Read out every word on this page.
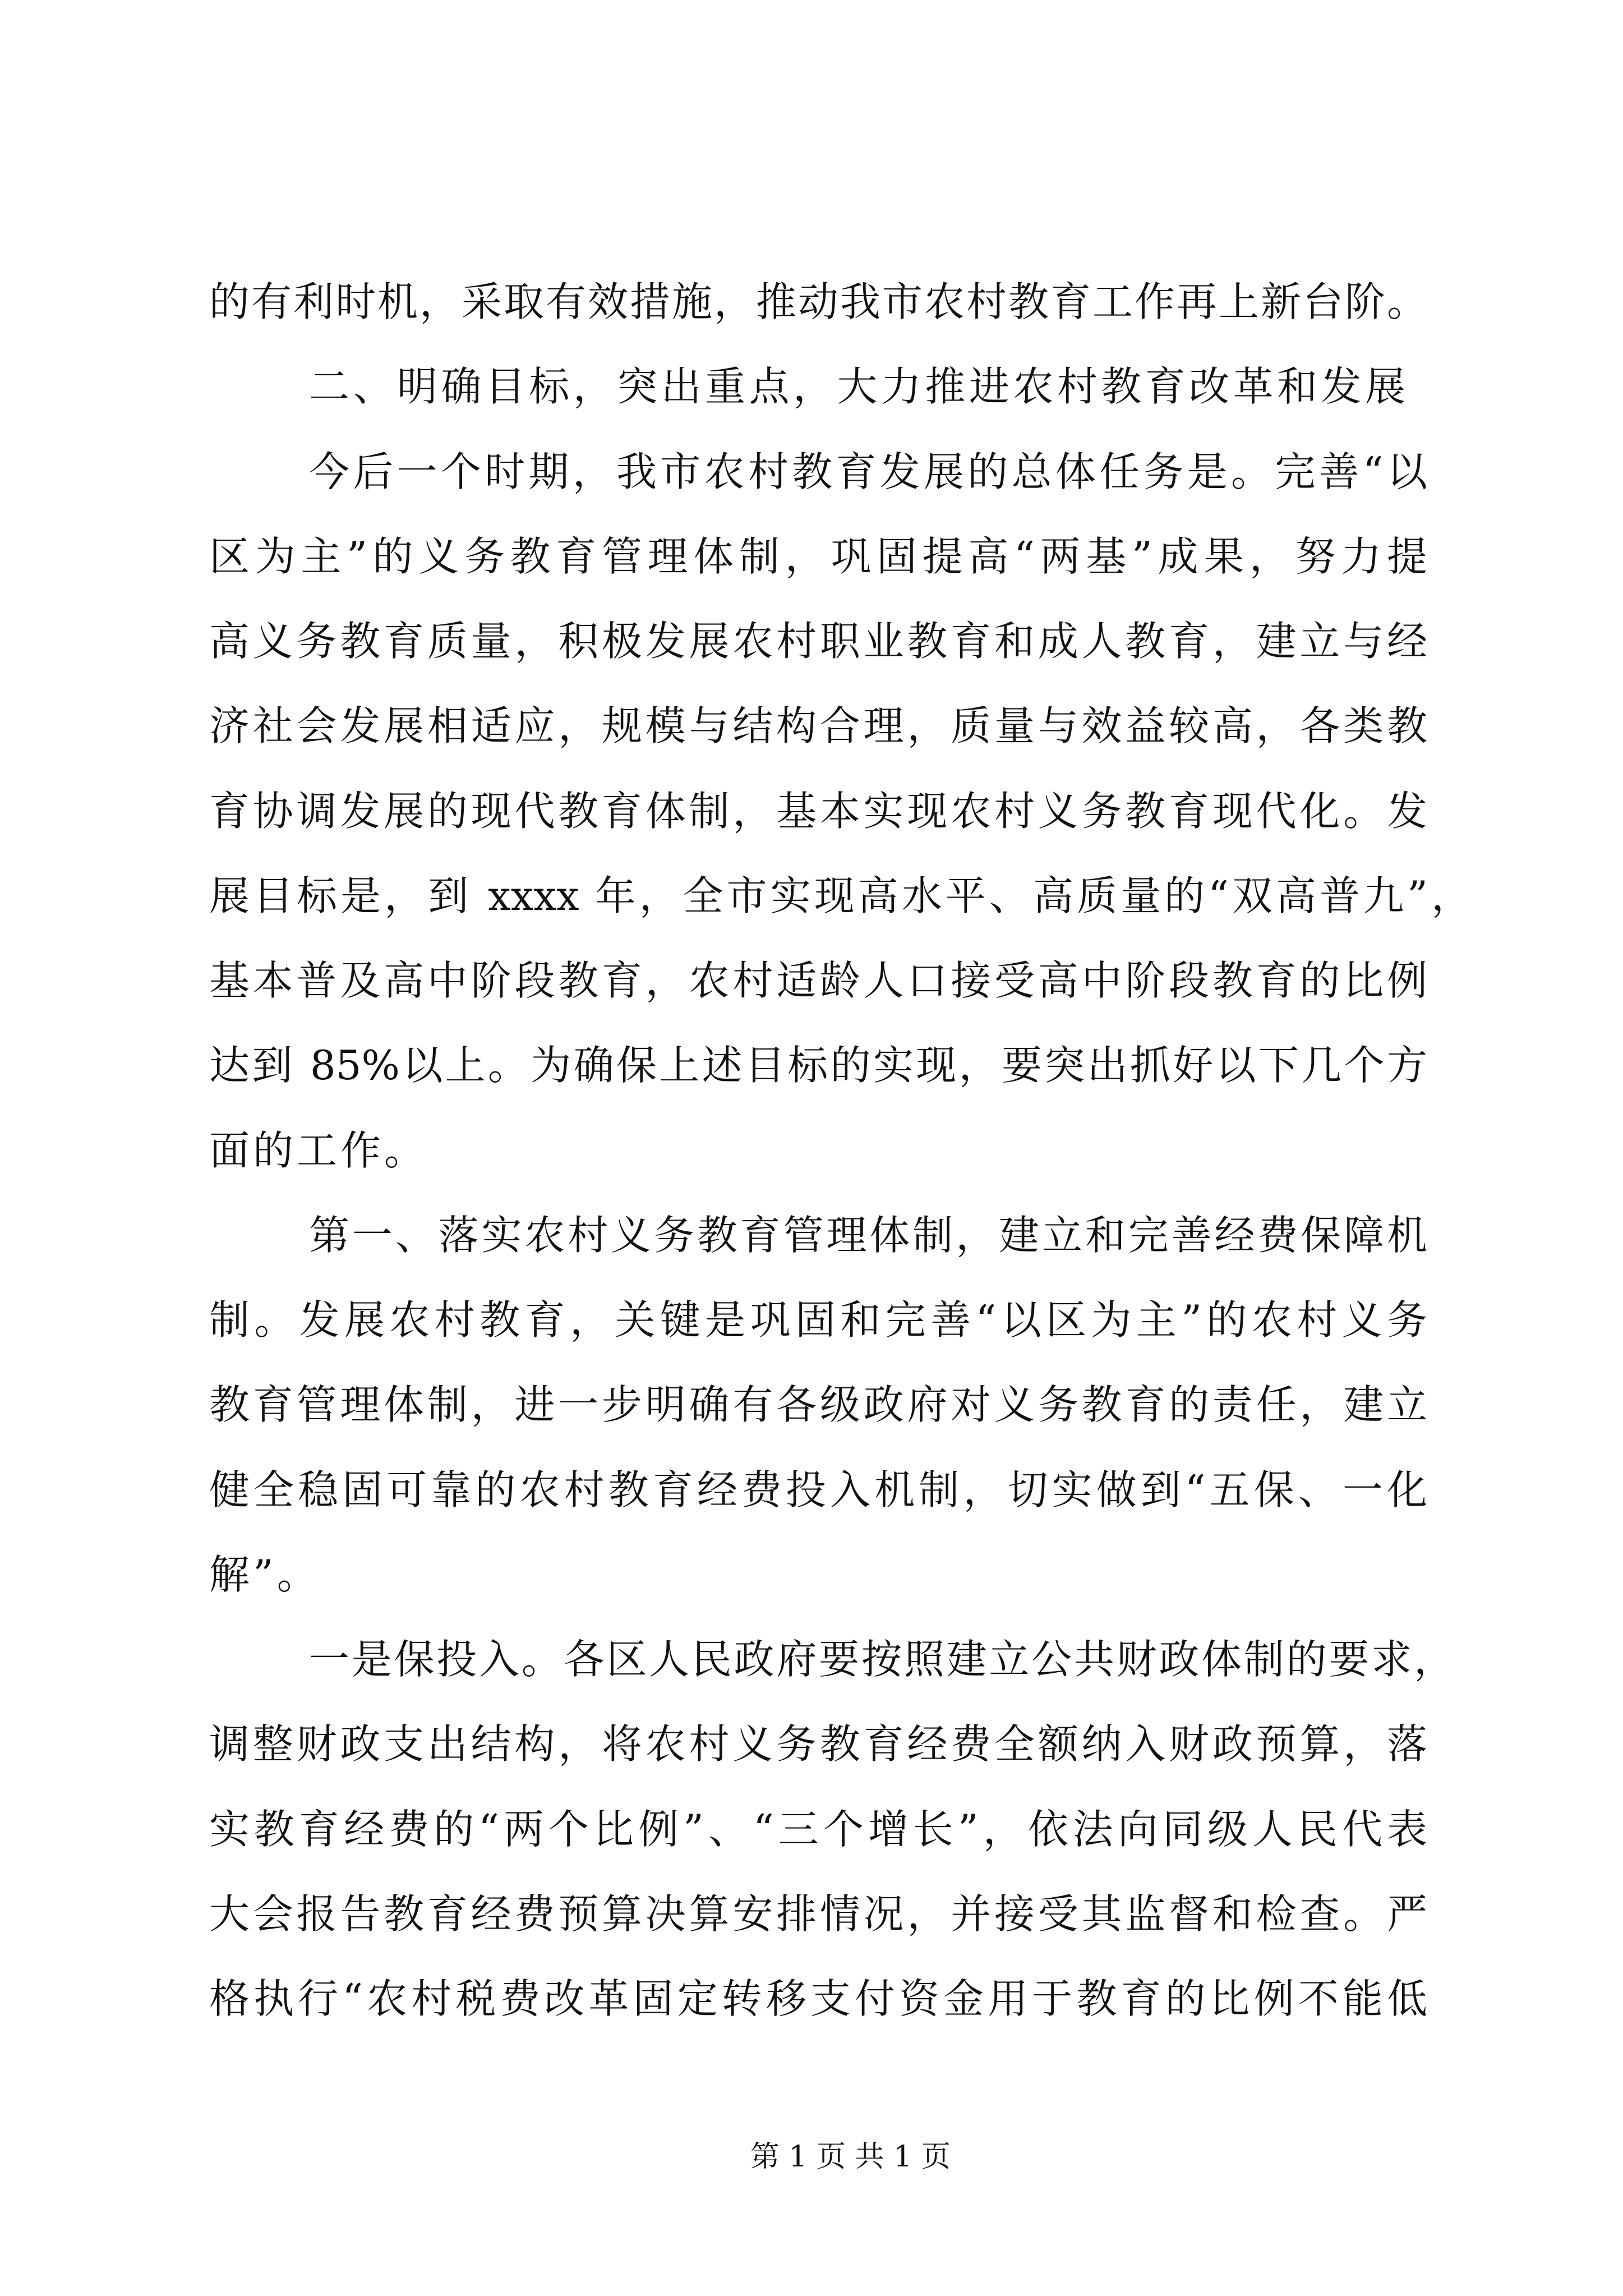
的有利时机，采取有效措施，推动我市农村教育工作再上新台阶。
二、明确目标，突出重点，大力推进农村教育改革和发展
今后一个时期，我市农村教育发展的总体任务是。完善“以
区为主”的义务教育管理体制，巩固提高“两基”成果，努力提
高义务教育质量，积极发展农村职业教育和成人教育，建立与经
济社会发展相适应，规模与结构合理，质量与效益较高，各类教
育协调发展的现代教育体制，基本实现农村义务教育现代化。发
展目标是，到 xxxx 年，全市实现高水平、高质量的“双高普九”，
基本普及高中阶段教育，农村适龄人口接受高中阶段教育的比例
达到 85%以上。为确保上述目标的实现，要突出抓好以下几个方
面的工作。
第一、落实农村义务教育管理体制，建立和完善经费保障机
制。发展农村教育，关键是巩固和完善“以区为主”的农村义务
教育管理体制，进一步明确有各级政府对义务教育的责任，建立
健全稳固可靠的农村教育经费投入机制，切实做到“五保、一化
解”。
一是保投入。各区人民政府要按照建立公共财政体制的要求，
调整财政支出结构，将农村义务教育经费全额纳入财政预算，落
实教育经费的“两个比例”、“三个增长”，依法向同级人民代表
大会报告教育经费预算决算安排情况，并接受其监督和检查。严
格执行“农村税费改革固定转移支付资金用于教育的比例不能低
第 1 页 共 1 页
